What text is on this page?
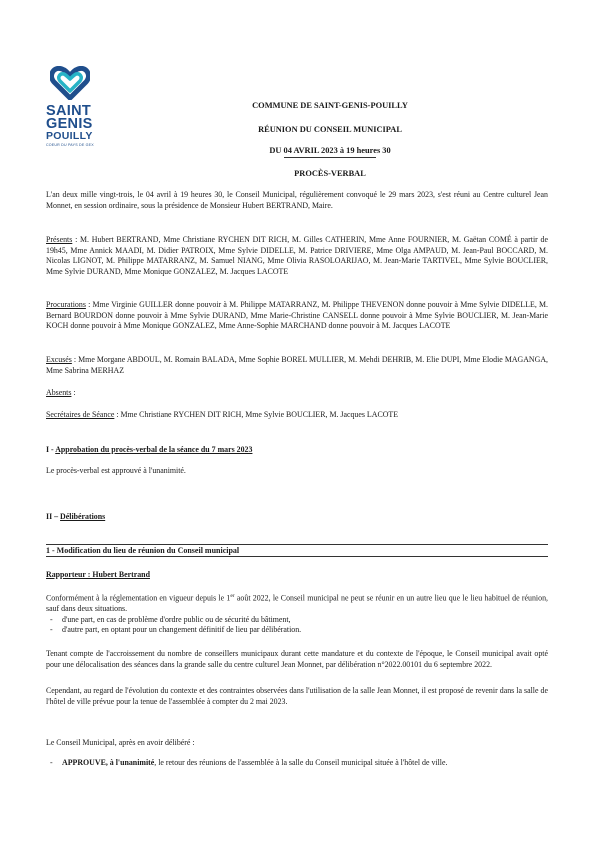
SAINT
GENIS
POUILLY
COEUR DU PAYS DE GEX
COMMUNE DE SAINT-GENIS-POUILLY
RÉUNION DU CONSEIL MUNICIPAL
DU 04 AVRIL 2023 à 19 heures 30
PROCÈS-VERBAL

L'an deux mille vingt-trois, le 04 avril à 19 heures 30, le Conseil Municipal, régulièrement convoqué le 29 mars 2023, s'est réuni au Centre culturel Jean Monnet, en session ordinaire, sous la présidence de Monsieur Hubert BERTRAND, Maire.

Présents : M. Hubert BERTRAND, Mme Christiane RYCHEN DIT RICH, M. Gilles CATHERIN, Mme Anne FOURNIER, M. Gaëtan COMÉ à partir de 19h45, Mme Annick MAADI, M. Didier PATROIX, Mme Sylvie DIDELLE, M. Patrice DRIVIERE, Mme Olga AMPAUD, M. Jean-Paul BOCCARD, M. Nicolas LIGNOT, M. Philippe MATARRANZ, M. Samuel NIANG, Mme Olivia RASOLOARIJAO, M. Jean-Marie TARTIVEL, Mme Sylvie BOUCLIER, Mme Sylvie DURAND, Mme Monique GONZALEZ, M. Jacques LACOTE

Procurations : Mme Virginie GUILLER donne pouvoir à M. Philippe MATARRANZ, M. Philippe THEVENON donne pouvoir à Mme Sylvie DIDELLE, M. Bernard BOURDON donne pouvoir à Mme Sylvie DURAND, Mme Marie-Christine CANSELL donne pouvoir à Mme Sylvie BOUCLIER, M. Jean-Marie KOCH donne pouvoir à Mme Monique GONZALEZ, Mme Anne-Sophie MARCHAND donne pouvoir à M. Jacques LACOTE

Excusés : Mme Morgane ABDOUL, M. Romain BALADA, Mme Sophie BOREL MULLIER, M. Mehdi DEHRIB, M. Elie DUPI, Mme Elodie MAGANGA, Mme Sabrina MERHAZ

Absents :

Secrétaires de Séance : Mme Christiane RYCHEN DIT RICH, Mme Sylvie BOUCLIER, M. Jacques LACOTE

I - Approbation du procès-verbal de la séance du 7 mars 2023

Le procès-verbal est approuvé à l'unanimité.

II – Délibérations

1 - Modification du lieu de réunion du Conseil municipal

Rapporteur : Hubert Bertrand

Conformément à la réglementation en vigueur depuis le 1er août 2022, le Conseil municipal ne peut se réunir en un autre lieu que le lieu habituel de réunion, sauf dans deux situations.

- d'une part, en cas de problème d'ordre public ou de sécurité du bâtiment,
- d'autre part, en optant pour un changement définitif de lieu par délibération.

Tenant compte de l'accroissement du nombre de conseillers municipaux durant cette mandature et du contexte de l'époque, le Conseil municipal avait opté pour une délocalisation des séances dans la grande salle du centre culturel Jean Monnet, par délibération n°2022.00101 du 6 septembre 2022.

Cependant, au regard de l'évolution du contexte et des contraintes observées dans l'utilisation de la salle Jean Monnet, il est proposé de revenir dans la salle de l'hôtel de ville prévue pour la tenue de l'assemblée à compter du 2 mai 2023.

Le Conseil Municipal, après en avoir délibéré :

- APPROUVE, à l'unanimité, le retour des réunions de l'assemblée à la salle du Conseil municipal située à l'hôtel de ville.
